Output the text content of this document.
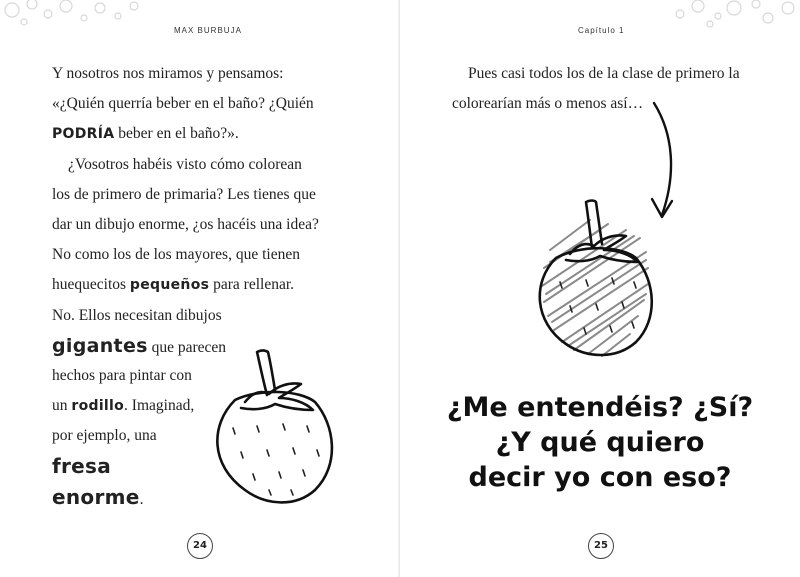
MAX BURBUJA
Y nosotros nos miramos y pensamos:
«¿Quién querría beber en el baño? ¿Quién
PODRÍA beber en el baño?».
¿Vosotros habéis visto cómo colorean
los de primero de primaria? Les tienes que
dar un dibujo enorme, ¿os hacéis una idea?
No como los de los mayores, que tienen
huequecitos pequeños para rellenar.
No. Ellos necesitan dibujos
gigantes que parecen
hechos para pintar con
un rodillo. Imaginad,
por ejemplo, una
fresa
enorme.
24
Capítulo 1
25
Pues casi todos los de la clase de primero la
colorearían más o menos así…
¿Me entendéis? ¿Sí?
¿Y qué quiero
decir yo con eso?
